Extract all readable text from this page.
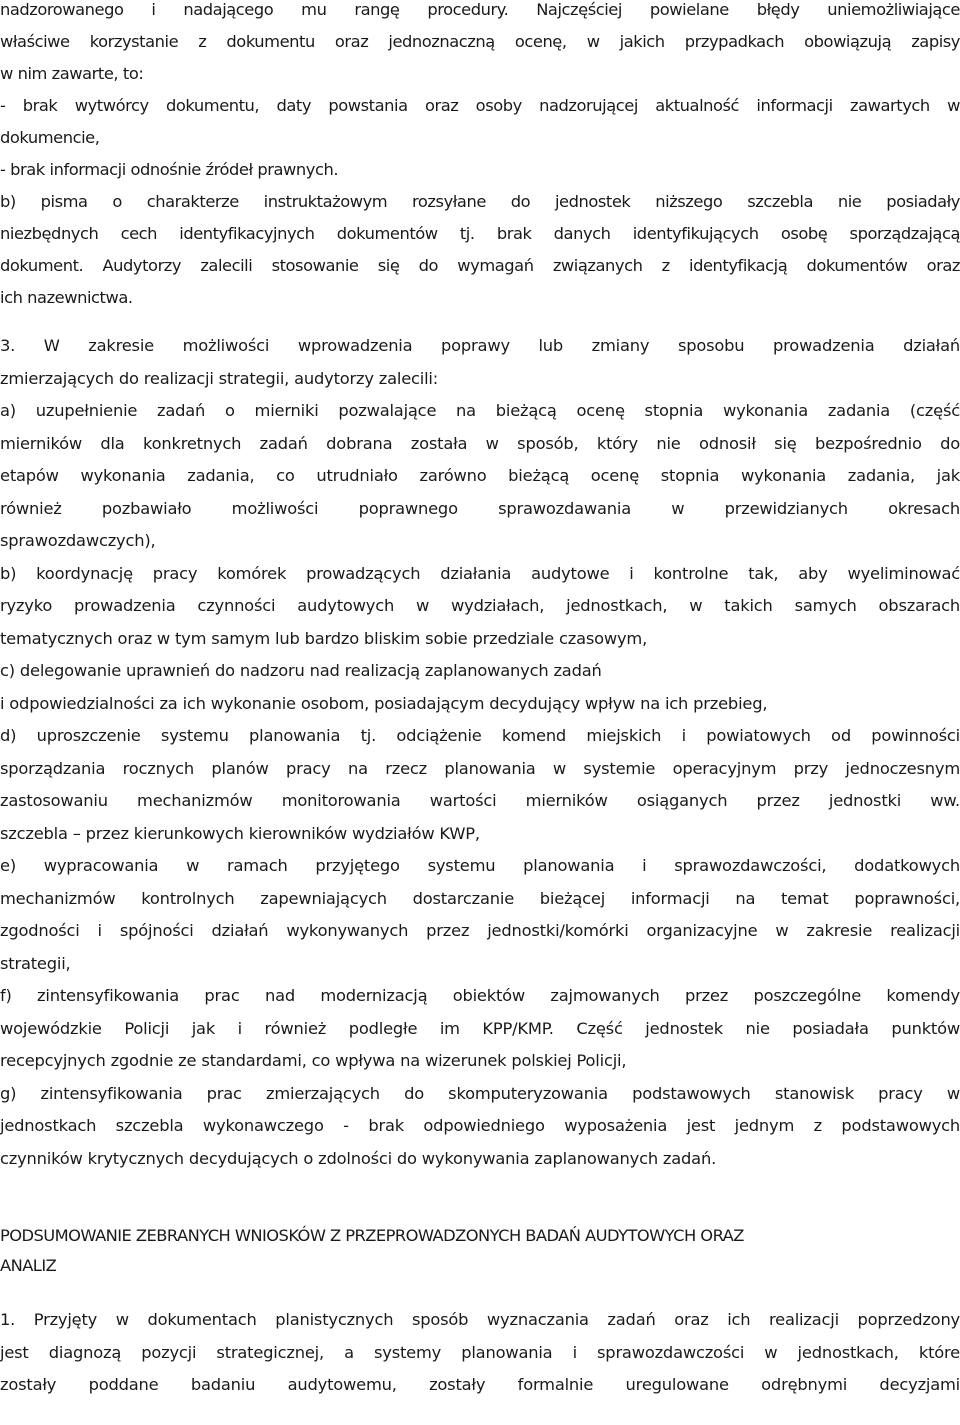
nadzorowanego i nadającego mu rangę procedury. Najczęściej powielane błędy uniemożliwiające
właściwe korzystanie z dokumentu oraz jednoznaczną ocenę, w jakich przypadkach obowiązują zapisy
w nim zawarte, to:
- brak wytwórcy dokumentu, daty powstania oraz osoby nadzorującej aktualność informacji zawartych w
dokumencie,
- brak informacji odnośnie źródeł prawnych.
b) pisma o charakterze instruktażowym rozsyłane do jednostek niższego szczebla nie posiadały
niezbędnych cech identyfikacyjnych dokumentów tj. brak danych identyfikujących osobę sporządzającą
dokument. Audytorzy zalecili stosowanie się do wymagań związanych z identyfikacją dokumentów oraz
ich nazewnictwa.
3. W zakresie możliwości wprowadzenia poprawy lub zmiany sposobu prowadzenia działań
zmierzających do realizacji strategii, audytorzy zalecili:
a) uzupełnienie zadań o mierniki pozwalające na bieżącą ocenę stopnia wykonania zadania (część
mierników dla konkretnych zadań dobrana została w sposób, który nie odnosił się bezpośrednio do
etapów wykonania zadania, co utrudniało zarówno bieżącą ocenę stopnia wykonania zadania, jak
również pozbawiało możliwości poprawnego sprawozdawania w przewidzianych okresach
sprawozdawczych),
b) koordynację pracy komórek prowadzących działania audytowe i kontrolne tak, aby wyeliminować
ryzyko prowadzenia czynności audytowych w wydziałach, jednostkach, w takich samych obszarach
tematycznych oraz w tym samym lub bardzo bliskim sobie przedziale czasowym,
c) delegowanie uprawnień do nadzoru nad realizacją zaplanowanych zadań
i odpowiedzialności za ich wykonanie osobom, posiadającym decydujący wpływ na ich przebieg,
d) uproszczenie systemu planowania tj. odciążenie komend miejskich i powiatowych od powinności
sporządzania rocznych planów pracy na rzecz planowania w systemie operacyjnym przy jednoczesnym
zastosowaniu mechanizmów monitorowania wartości mierników osiąganych przez jednostki ww.
szczebla – przez kierunkowych kierowników wydziałów KWP,
e) wypracowania w ramach przyjętego systemu planowania i sprawozdawczości, dodatkowych
mechanizmów kontrolnych zapewniających dostarczanie bieżącej informacji na temat poprawności,
zgodności i spójności działań wykonywanych przez jednostki/komórki organizacyjne w zakresie realizacji
strategii,
f) zintensyfikowania prac nad modernizacją obiektów zajmowanych przez poszczególne komendy
wojewódzkie Policji jak i również podległe im KPP/KMP. Część jednostek nie posiadała punktów
recepcyjnych zgodnie ze standardami, co wpływa na wizerunek polskiej Policji,
g) zintensyfikowania prac zmierzających do skomputeryzowania podstawowych stanowisk pracy w
jednostkach szczebla wykonawczego - brak odpowiedniego wyposażenia jest jednym z podstawowych
czynników krytycznych decydujących o zdolności do wykonywania zaplanowanych zadań.
PODSUMOWANIE ZEBRANYCH WNIOSKÓW Z PRZEPROWADZONYCH BADAŃ AUDYTOWYCH ORAZ
ANALIZ
1. Przyjęty w dokumentach planistycznych sposób wyznaczania zadań oraz ich realizacji poprzedzony
jest diagnozą pozycji strategicznej, a systemy planowania i sprawozdawczości w jednostkach, które
zostały poddane badaniu audytowemu, zostały formalnie uregulowane odrębnymi decyzjami
